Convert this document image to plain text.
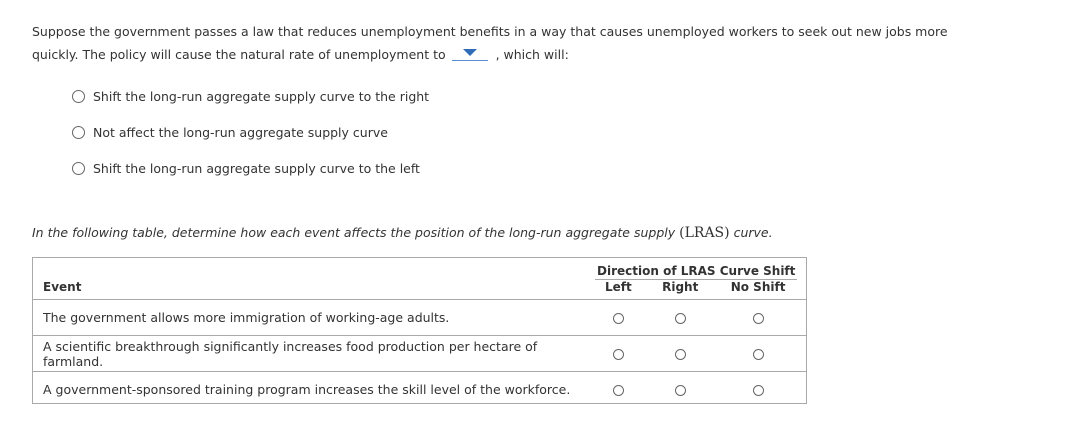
Suppose the government passes a law that reduces unemployment benefits in a way that causes unemployed workers to seek out new jobs more
quickly. The policy will cause the natural rate of unemployment to	, which will:
Shift the long-run aggregate supply curve to the right
Not affect the long-run aggregate supply curve
Shift the long-run aggregate supply curve to the left
In the following table, determine how each event affects the position of the long-run aggregate supply (LRAS) curve.
	Direction of LRAS Curve Shift		
Event	Left	Right	No Shift
The government allows more immigration of working-age adults.			
A scientific breakthrough significantly increases food production per hectare of farmland.			
A government-sponsored training program increases the skill level of the workforce.			
